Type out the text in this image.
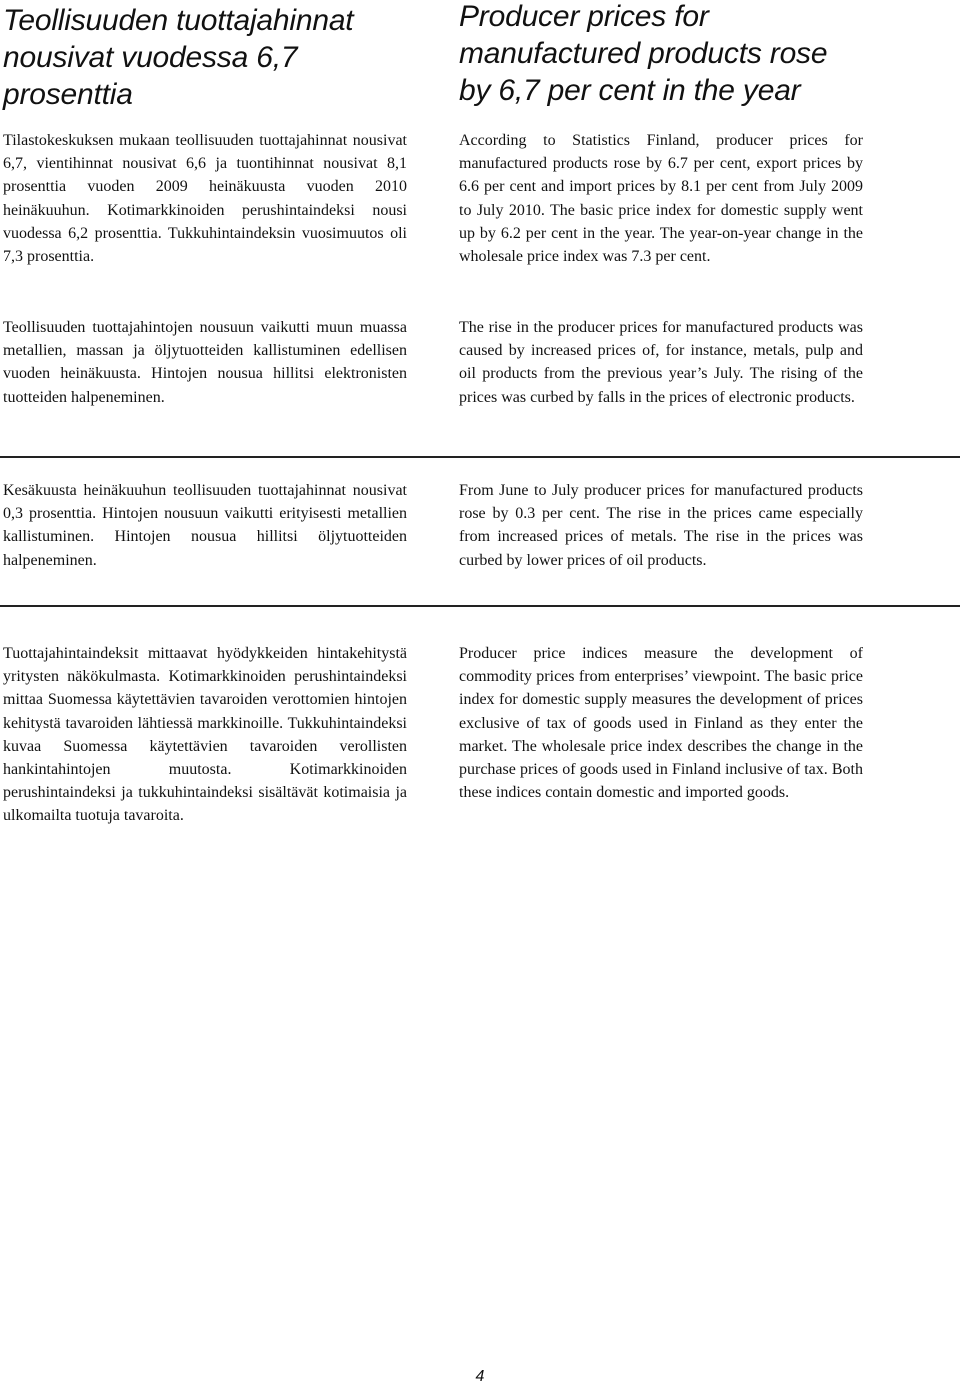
Teollisuuden tuottajahinnat nousivat vuodessa 6,7 prosenttia

Tilastokeskuksen mukaan teollisuuden tuottajahinnat nousivat 6,7, vientihinnat nousivat 6,6 ja tuontihinnat nousivat 8,1 prosenttia vuoden 2009 heinäkuusta vuoden 2010 heinäkuuhun. Kotimarkkinoiden perushintaindeksi nousi vuodessa 6,2 prosenttia. Tukkuhintaindeksin vuosimuutos oli 7,3 prosenttia.

Teollisuuden tuottajahintojen nousuun vaikutti muun muassa metallien, massan ja öljytuotteiden kallistuminen edellisen vuoden heinäkuusta. Hintojen nousua hillitsi elektronisten tuotteiden halpeneminen.

Kesäkuusta heinäkuuhun teollisuuden tuottajahinnat nousivat 0,3 prosenttia. Hintojen nousuun vaikutti erityisesti metallien kallistuminen. Hintojen nousua hillitsi öljytuotteiden halpeneminen.

Tuottajahintaindeksit mittaavat hyödykkeiden hintakehitystä yritysten näkökulmasta. Kotimarkkinoiden perushintaindeksi mittaa Suomessa käytettävien tavaroiden verottomien hintojen kehitystä tavaroiden lähtiessä markkinoille. Tukkuhintaindeksi kuvaa Suomessa käytettävien tavaroiden verollisten hankintahintojen muutosta. Kotimarkkinoiden perushintaindeksi ja tukkuhintaindeksi sisältävät kotimaisia ja ulkomailta tuotuja tavaroita.

Producer prices for manufactured products rose by 6,7 per cent in the year

According to Statistics Finland, producer prices for manufactured products rose by 6.7 per cent, export prices by 6.6 per cent and import prices by 8.1 per cent from July 2009 to July 2010. The basic price index for domestic supply went up by 6.2 per cent in the year. The year-on-year change in the wholesale price index was 7.3 per cent.

The rise in the producer prices for manufactured products was caused by increased prices of, for instance, metals, pulp and oil products from the previous year’s July. The rising of the prices was curbed by falls in the prices of electronic products.

From June to July producer prices for manufactured products rose by 0.3 per cent. The rise in the prices came especially from increased prices of metals. The rise in the prices was curbed by lower prices of oil products.

Producer price indices measure the development of commodity prices from enterprises’ viewpoint. The basic price index for domestic supply measures the development of prices exclusive of tax of goods used in Finland as they enter the market. The wholesale price index describes the change in the purchase prices of goods used in Finland inclusive of tax. Both these indices contain domestic and imported goods.

4
